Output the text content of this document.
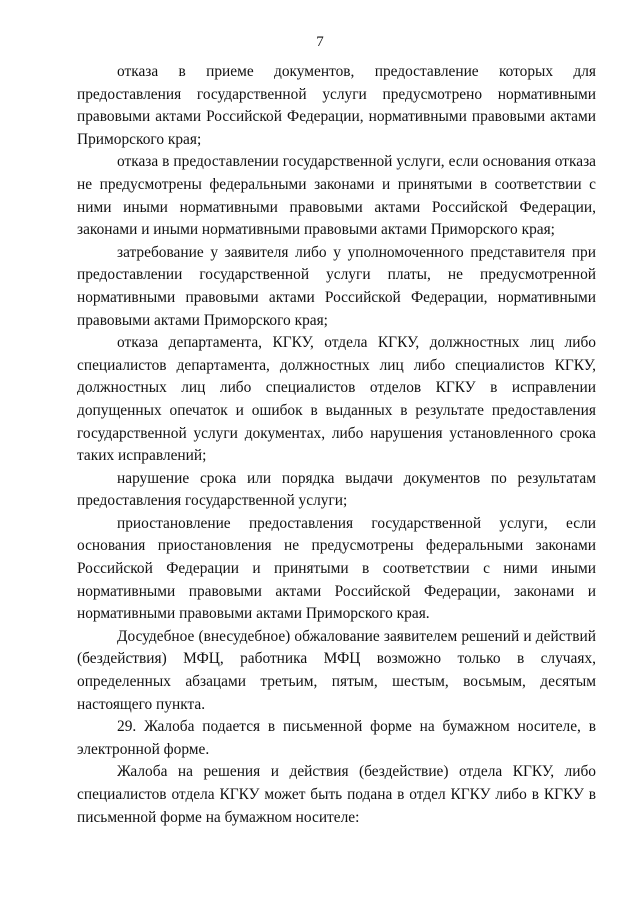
7

отказа в приеме документов, предоставление которых для предоставления государственной услуги предусмотрено нормативными правовыми актами Российской Федерации, нормативными правовыми актами Приморского края;

отказа в предоставлении государственной услуги, если основания отказа не предусмотрены федеральными законами и принятыми в соответствии с ними иными нормативными правовыми актами Российской Федерации, законами и иными нормативными правовыми актами Приморского края;

затребование у заявителя либо у уполномоченного представителя при предоставлении государственной услуги платы, не предусмотренной нормативными правовыми актами Российской Федерации, нормативными правовыми актами Приморского края;

отказа департамента, КГКУ, отдела КГКУ, должностных лиц либо специалистов департамента, должностных лиц либо специалистов КГКУ, должностных лиц либо специалистов отделов КГКУ в исправлении допущенных опечаток и ошибок в выданных в результате предоставления государственной услуги документах, либо нарушения установленного срока таких исправлений;

нарушение срока или порядка выдачи документов по результатам предоставления государственной услуги;

приостановление предоставления государственной услуги, если основания приостановления не предусмотрены федеральными законами Российской Федерации и принятыми в соответствии с ними иными нормативными правовыми актами Российской Федерации, законами и нормативными правовыми актами Приморского края.

Досудебное (внесудебное) обжалование заявителем решений и действий (бездействия) МФЦ, работника МФЦ возможно только в случаях, определенных абзацами третьим, пятым, шестым, восьмым, десятым настоящего пункта.

29. Жалоба подается в письменной форме на бумажном носителе, в электронной форме.

Жалоба на решения и действия (бездействие) отдела КГКУ, либо специалистов отдела КГКУ может быть подана в отдел КГКУ либо в КГКУ в письменной форме на бумажном носителе:
